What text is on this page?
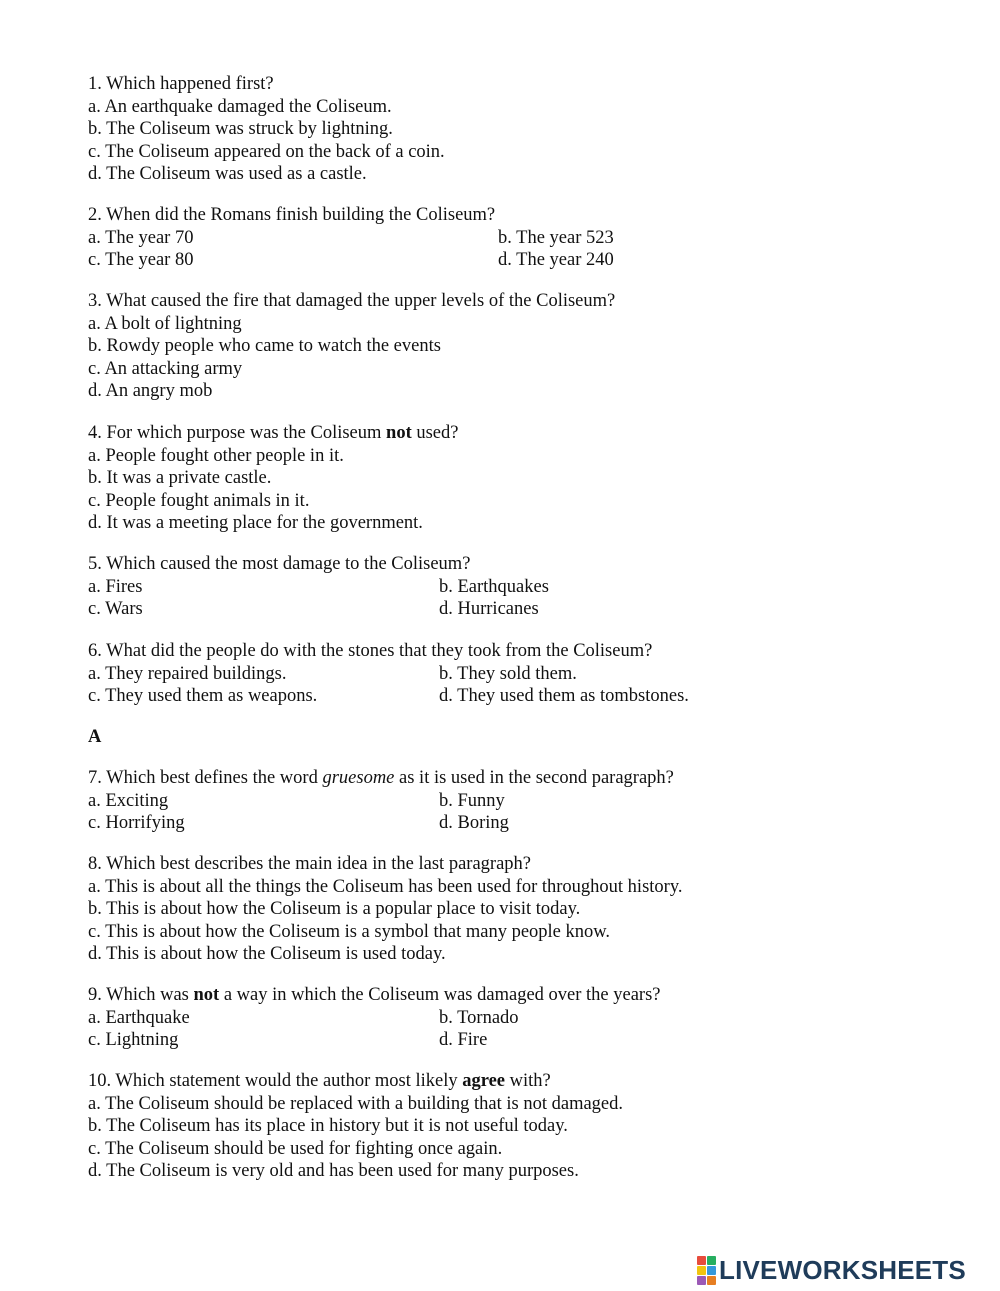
1. Which happened first?
a. An earthquake damaged the Coliseum.
b. The Coliseum was struck by lightning.
c. The Coliseum appeared on the back of a coin.
d. The Coliseum was used as a castle.
2. When did the Romans finish building the Coliseum?
a. The year 70	b. The year 523
c. The year 80	d. The year 240
3. What caused the fire that damaged the upper levels of the Coliseum?
a. A bolt of lightning
b. Rowdy people who came to watch the events
c. An attacking army
d. An angry mob
4. For which purpose was the Coliseum not used?
a. People fought other people in it.
b. It was a private castle.
c. People fought animals in it.
d. It was a meeting place for the government.
5. Which caused the most damage to the Coliseum?
a. Fires	b. Earthquakes
c. Wars	d. Hurricanes
6. What did the people do with the stones that they took from the Coliseum?
a. They repaired buildings.	b. They sold them.
c. They used them as weapons.	d. They used them as tombstones.
A
7. Which best defines the word gruesome as it is used in the second paragraph?
a. Exciting	b. Funny
c. Horrifying	d. Boring
8. Which best describes the main idea in the last paragraph?
a. This is about all the things the Coliseum has been used for throughout history.
b. This is about how the Coliseum is a popular place to visit today.
c. This is about how the Coliseum is a symbol that many people know.
d. This is about how the Coliseum is used today.
9. Which was not a way in which the Coliseum was damaged over the years?
a. Earthquake	b. Tornado
c. Lightning	d. Fire
10. Which statement would the author most likely agree with?
a. The Coliseum should be replaced with a building that is not damaged.
b. The Coliseum has its place in history but it is not useful today.
c. The Coliseum should be used for fighting once again.
d. The Coliseum is very old and has been used for many purposes.
LIVEWORKSHEETS
